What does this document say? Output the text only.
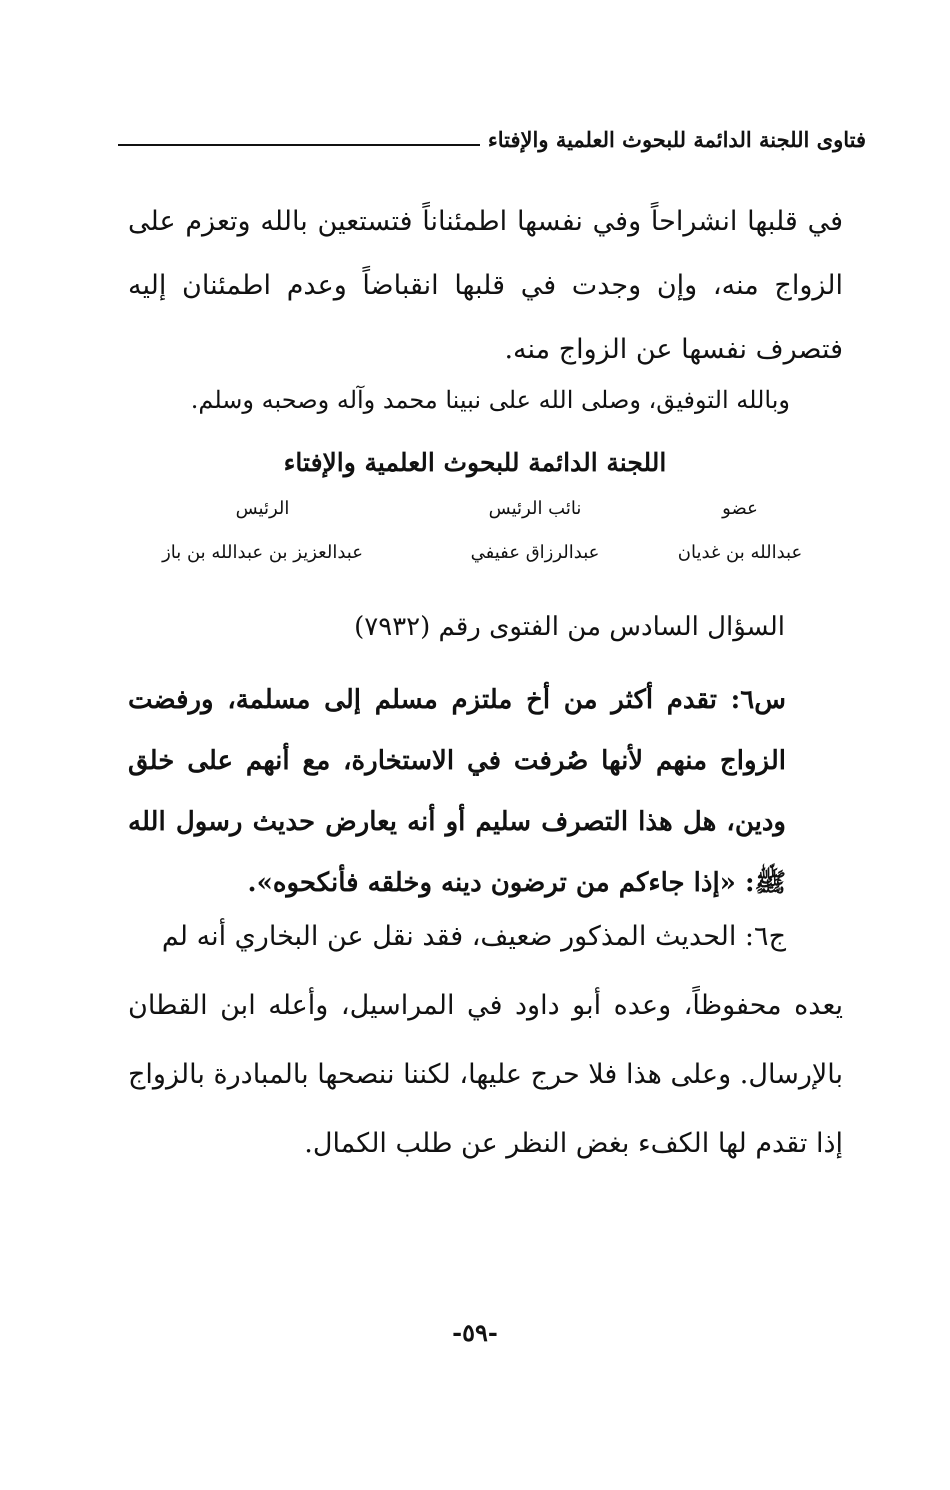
فتاوى اللجنة الدائمة للبحوث العلمية والإفتاء
في قلبها انشراحاً وفي نفسها اطمئناناً فتستعين بالله وتعزم على الزواج منه، وإن وجدت في قلبها انقباضاً وعدم اطمئنان إليه فتصرف نفسها عن الزواج منه.
وبالله التوفيق، وصلى الله على نبينا محمد وآله وصحبه وسلم.
اللجنة الدائمة للبحوث العلمية والإفتاء
عضو
نائب الرئيس
الرئيس
عبدالله بن غديان
عبدالرزاق عفيفي
عبدالعزيز بن عبدالله بن باز
السؤال السادس من الفتوى رقم (٧٩٣٢)
س٦: تقدم أكثر من أخ ملتزم مسلم إلى مسلمة، ورفضت الزواج منهم لأنها صُرفت في الاستخارة، مع أنهم على خلق ودين، هل هذا التصرف سليم أو أنه يعارض حديث رسول الله ﷺ: «إذا جاءكم من ترضون دينه وخلقه فأنكحوه».
ج٦: الحديث المذكور ضعيف، فقد نقل عن البخاري أنه لم
يعده محفوظاً، وعده أبو داود في المراسيل، وأعله ابن القطان بالإرسال. وعلى هذا فلا حرج عليها، لكننا ننصحها بالمبادرة بالزواج إذا تقدم لها الكفء بغض النظر عن طلب الكمال.
-٥٩-
